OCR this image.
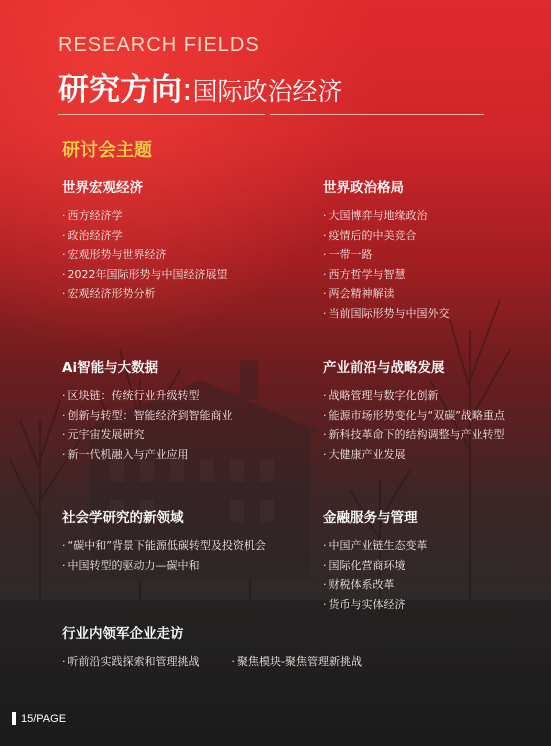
RESEARCH FIELDS
研究方向:国际政治经济
研讨会主题
世界宏观经济
· 西方经济学
· 政治经济学
· 宏观形势与世界经济
· 2022年国际形势与中国经济展望
· 宏观经济形势分析
世界政治格局
· 大国博弈与地缘政治
· 疫情后的中美竞合
· 一带一路
· 西方哲学与智慧
· 两会精神解读
· 当前国际形势与中国外交
Ai智能与大数据
· 区块链：传统行业升级转型
· 创新与转型：智能经济到智能商业
· 元宇宙发展研究
· 新一代机融入与产业应用
产业前沿与战略发展
· 战略管理与数字化创新
· 能源市场形势变化与“双碳”战略重点
· 新科技革命下的结构调整与产业转型
· 大健康产业发展
社会学研究的新领域
· “碳中和”背景下能源低碳转型及投资机会
· 中国转型的驱动力—碳中和
金融服务与管理
· 中国产业链生态变革
· 国际化营商环境
· 财税体系改革
· 货币与实体经济
行业内领军企业走访
· 听前沿实践探索和管理挑战
·	聚焦模块-聚焦管理新挑战
15/PAGE
